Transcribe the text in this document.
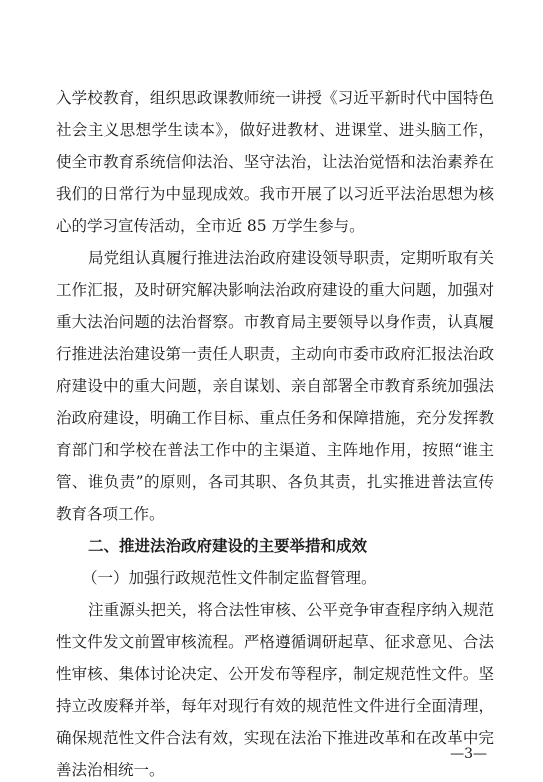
入学校教育，组织思政课教师统一讲授《习近平新时代中国特色

社会主义思想学生读本》，做好进教材、进课堂、进头脑工作，

使全市教育系统信仰法治、坚守法治，让法治觉悟和法治素养在

我们的日常行为中显现成效。我市开展了以习近平法治思想为核

心的学习宣传活动，全市近 85 万学生参与。

局党组认真履行推进法治政府建设领导职责，定期听取有关

工作汇报，及时研究解决影响法治政府建设的重大问题，加强对

重大法治问题的法治督察。市教育局主要领导以身作责，认真履

行推进法治建设第一责任人职责，主动向市委市政府汇报法治政

府建设中的重大问题，亲自谋划、亲自部署全市教育系统加强法

治政府建设，明确工作目标、重点任务和保障措施，充分发挥教

育部门和学校在普法工作中的主渠道、主阵地作用，按照“谁主

管、谁负责”的原则，各司其职、各负其责，扎实推进普法宣传

教育各项工作。

二、推进法治政府建设的主要举措和成效

（一）加强行政规范性文件制定监督管理。

注重源头把关，将合法性审核、公平竞争审查程序纳入规范

性文件发文前置审核流程。严格遵循调研起草、征求意见、合法

性审核、集体讨论决定、公开发布等程序，制定规范性文件。坚

持立改废释并举，每年对现行有效的规范性文件进行全面清理，

确保规范性文件合法有效，实现在法治下推进改革和在改革中完

善法治相统一。

—3—
